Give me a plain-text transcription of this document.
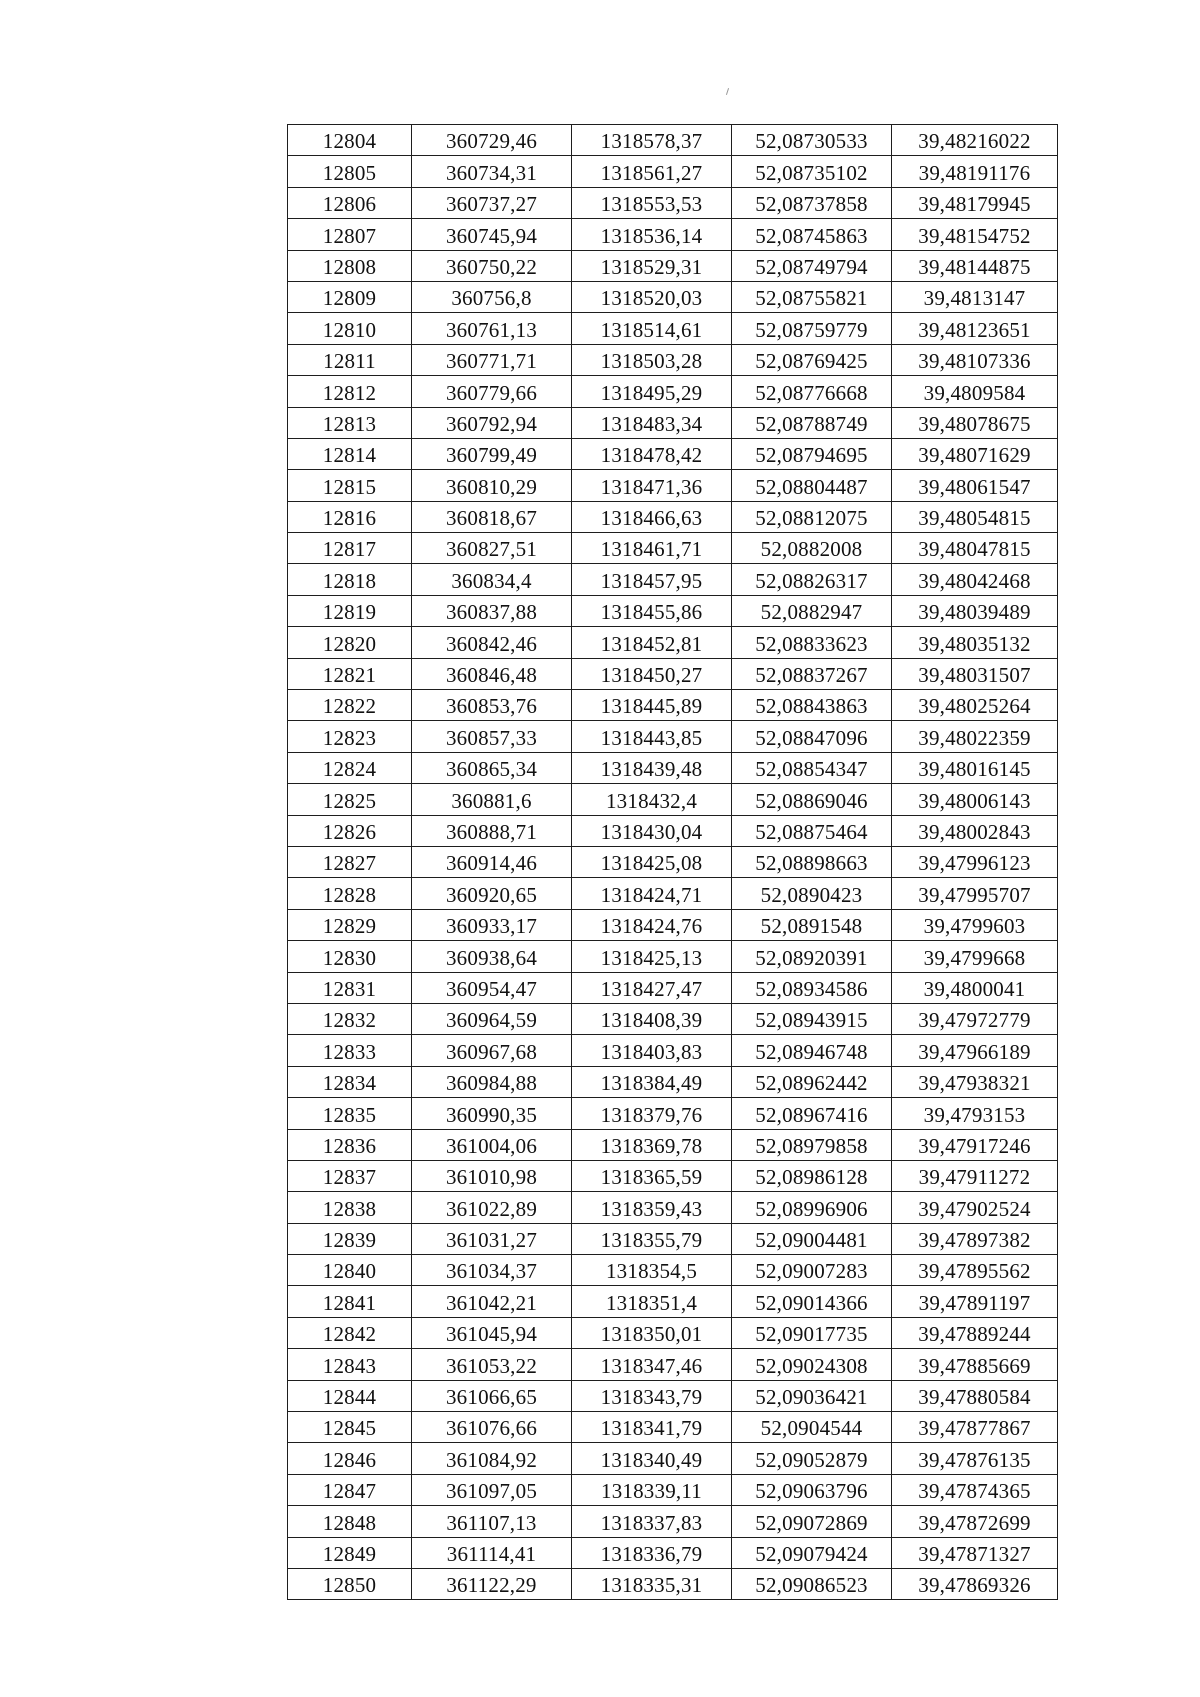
12804	360729,46	1318578,37	52,08730533	39,48216022
12805	360734,31	1318561,27	52,08735102	39,48191176
12806	360737,27	1318553,53	52,08737858	39,48179945
12807	360745,94	1318536,14	52,08745863	39,48154752
12808	360750,22	1318529,31	52,08749794	39,48144875
12809	360756,8	1318520,03	52,08755821	39,4813147
12810	360761,13	1318514,61	52,08759779	39,48123651
12811	360771,71	1318503,28	52,08769425	39,48107336
12812	360779,66	1318495,29	52,08776668	39,4809584
12813	360792,94	1318483,34	52,08788749	39,48078675
12814	360799,49	1318478,42	52,08794695	39,48071629
12815	360810,29	1318471,36	52,08804487	39,48061547
12816	360818,67	1318466,63	52,08812075	39,48054815
12817	360827,51	1318461,71	52,0882008	39,48047815
12818	360834,4	1318457,95	52,08826317	39,48042468
12819	360837,88	1318455,86	52,0882947	39,48039489
12820	360842,46	1318452,81	52,08833623	39,48035132
12821	360846,48	1318450,27	52,08837267	39,48031507
12822	360853,76	1318445,89	52,08843863	39,48025264
12823	360857,33	1318443,85	52,08847096	39,48022359
12824	360865,34	1318439,48	52,08854347	39,48016145
12825	360881,6	1318432,4	52,08869046	39,48006143
12826	360888,71	1318430,04	52,08875464	39,48002843
12827	360914,46	1318425,08	52,08898663	39,47996123
12828	360920,65	1318424,71	52,0890423	39,47995707
12829	360933,17	1318424,76	52,0891548	39,4799603
12830	360938,64	1318425,13	52,08920391	39,4799668
12831	360954,47	1318427,47	52,08934586	39,4800041
12832	360964,59	1318408,39	52,08943915	39,47972779
12833	360967,68	1318403,83	52,08946748	39,47966189
12834	360984,88	1318384,49	52,08962442	39,47938321
12835	360990,35	1318379,76	52,08967416	39,4793153
12836	361004,06	1318369,78	52,08979858	39,47917246
12837	361010,98	1318365,59	52,08986128	39,47911272
12838	361022,89	1318359,43	52,08996906	39,47902524
12839	361031,27	1318355,79	52,09004481	39,47897382
12840	361034,37	1318354,5	52,09007283	39,47895562
12841	361042,21	1318351,4	52,09014366	39,47891197
12842	361045,94	1318350,01	52,09017735	39,47889244
12843	361053,22	1318347,46	52,09024308	39,47885669
12844	361066,65	1318343,79	52,09036421	39,47880584
12845	361076,66	1318341,79	52,0904544	39,47877867
12846	361084,92	1318340,49	52,09052879	39,47876135
12847	361097,05	1318339,11	52,09063796	39,47874365
12848	361107,13	1318337,83	52,09072869	39,47872699
12849	361114,41	1318336,79	52,09079424	39,47871327
12850	361122,29	1318335,31	52,09086523	39,47869326
